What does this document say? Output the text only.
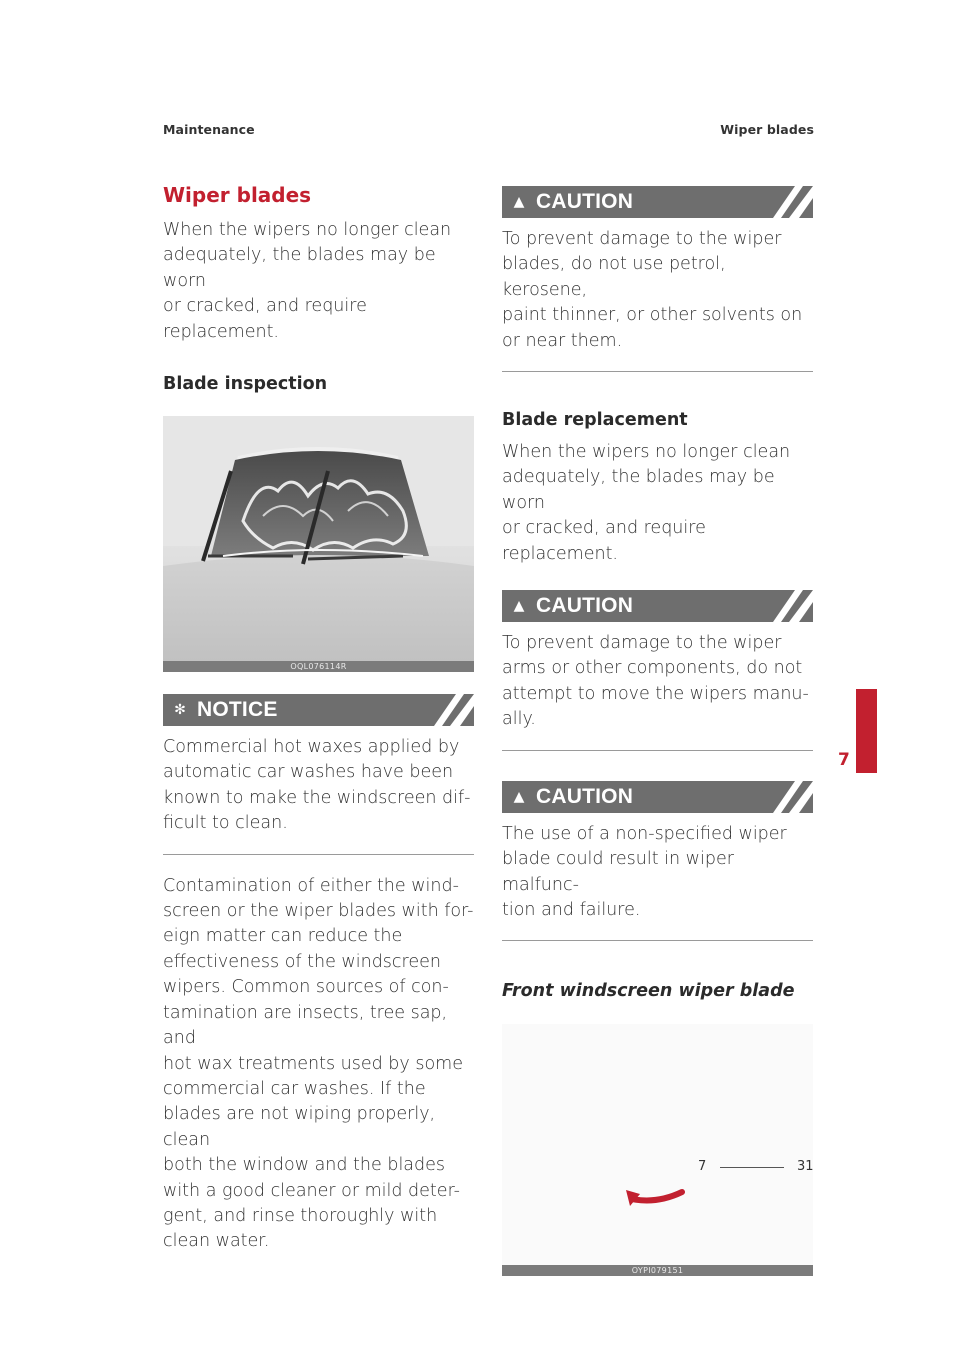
Maintenance	Wiper blades
Wiper blades
When the wipers no longer clean
adequately, the blades may be worn
or cracked, and require replacement.
Blade inspection
OQL076114R
✻ NOTICE
Commercial hot waxes applied by
automatic car washes have been
known to make the windscreen dif-
ficult to clean.
Contamination of either the wind-
screen or the wiper blades with for-
eign matter can reduce the
effectiveness of the windscreen
wipers. Common sources of con-
tamination are insects, tree sap, and
hot wax treatments used by some
commercial car washes. If the
blades are not wiping properly, clean
both the window and the blades
with a good cleaner or mild deter-
gent, and rinse thoroughly with
clean water.
▲ CAUTION
To prevent damage to the wiper
blades, do not use petrol, kerosene,
paint thinner, or other solvents on
or near them.
Blade replacement
When the wipers no longer clean
adequately, the blades may be worn
or cracked, and require replacement.
▲ CAUTION
To prevent damage to the wiper
arms or other components, do not
attempt to move the wipers manu-
ally.
▲ CAUTION
The use of a non-specified wiper
blade could result in wiper malfunc-
tion and failure.
Front windscreen wiper blade
OYPI079151
7
7	31
